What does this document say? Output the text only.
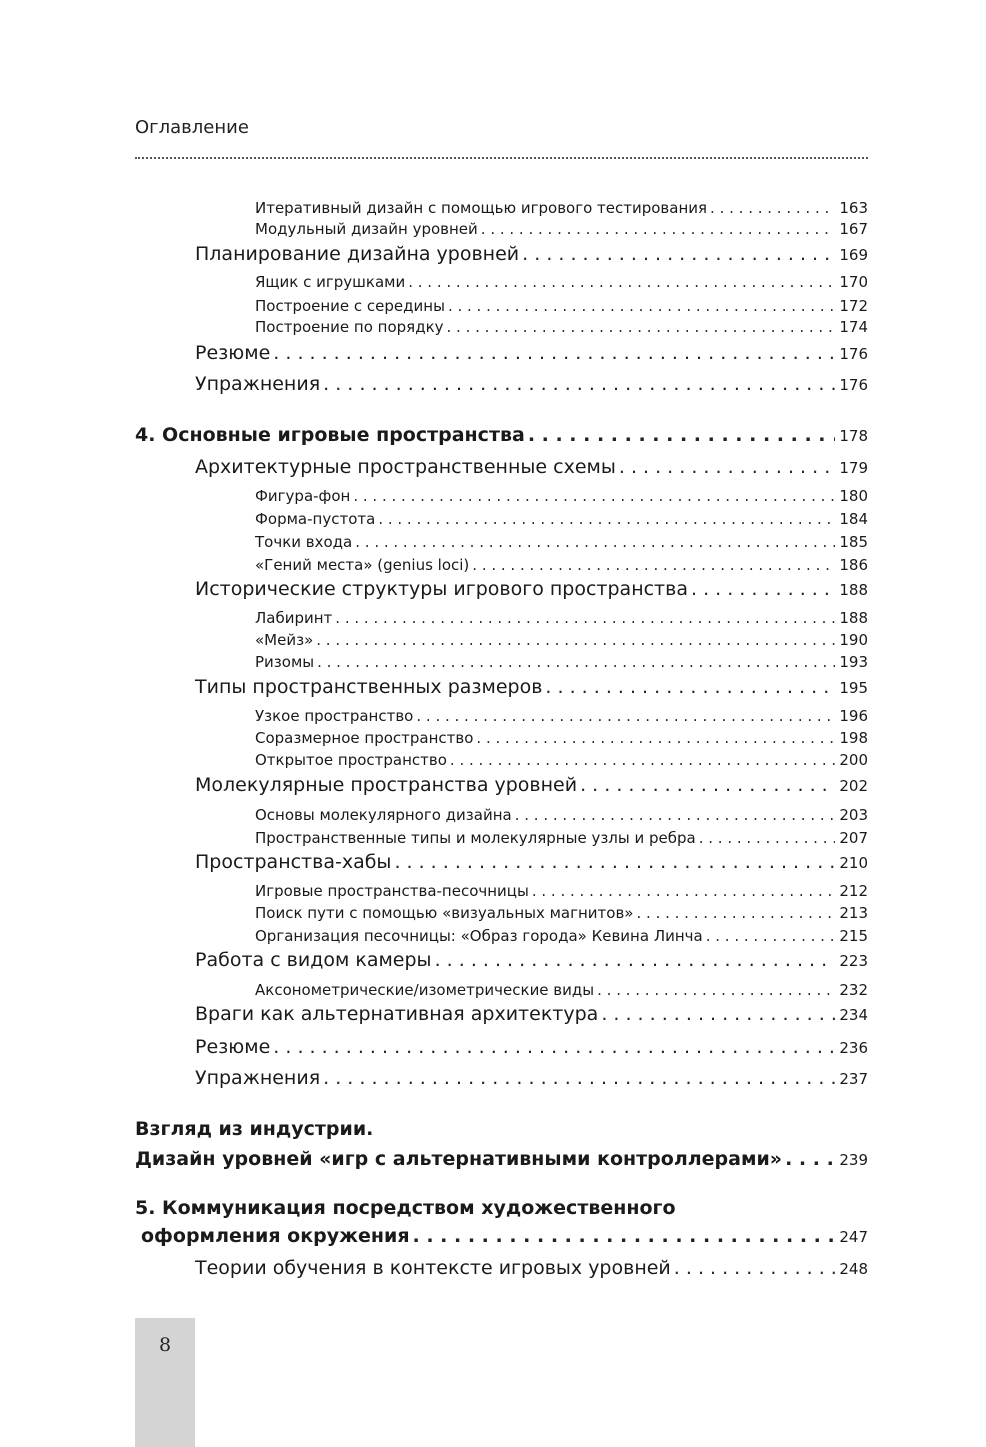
Оглавление
Итеративный дизайн с помощью игрового тестирования . . .	163
Модульный дизайн уровней . . .	167
Планирование дизайна уровней . . .	169
Ящик с игрушками . . .	170
Построение с середины . . .	172
Построение по порядку . . .	174
Резюме . . .	176
Упражнения . . .	176
4. Основные игровые пространства . . .	178
Архитектурные пространственные схемы . . .	179
Фигура-фон . . .	180
Форма-пустота . . .	184
Точки входа . . .	185
«Гений места» (genius loci) . . .	186
Исторические структуры игрового пространства . . .	188
Лабиринт . . .	188
«Мейз» . . .	190
Ризомы . . .	193
Типы пространственных размеров . . .	195
Узкое пространство . . .	196
Соразмерное пространство . . .	198
Открытое пространство . . .	200
Молекулярные пространства уровней . . .	202
Основы молекулярного дизайна . . .	203
Пространственные типы и молекулярные узлы и ребра . . .	207
Пространства-хабы . . .	210
Игровые пространства-песочницы . . .	212
Поиск пути с помощью «визуальных магнитов» . . .	213
Организация песочницы: «Образ города» Кевина Линча . . .	215
Работа с видом камеры . . .	223
Аксонометрические/изометрические виды . . .	232
Враги как альтернативная архитектура . . .	234
Резюме . . .	236
Упражнения . . .	237
Взгляд из индустрии.
Дизайн уровней «игр с альтернативными контроллерами» . . .	239
5. Коммуникация посредством художественного
оформления окружения . . .	247
Теории обучения в контексте игровых уровней . . .	248
8
